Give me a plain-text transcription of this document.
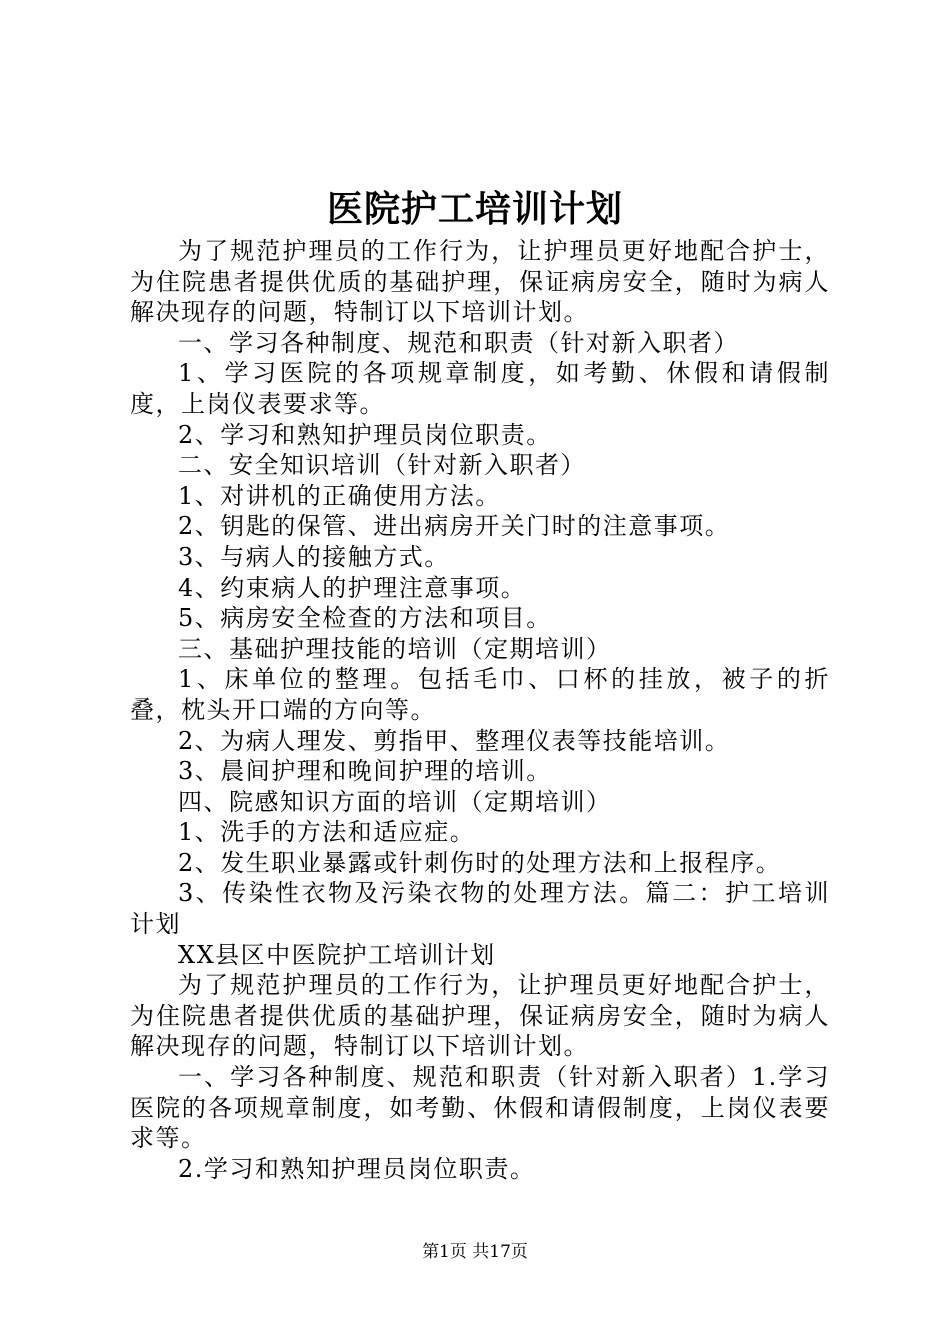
医院护工培训计划

为了规范护理员的工作行为，让护理员更好地配合护士，为住院患者提供优质的基础护理，保证病房安全，随时为病人解决现存的问题，特制订以下培训计划。

一、学习各种制度、规范和职责（针对新入职者）

1、学习医院的各项规章制度，如考勤、休假和请假制度，上岗仪表要求等。

2、学习和熟知护理员岗位职责。

二、安全知识培训（针对新入职者）

1、对讲机的正确使用方法。

2、钥匙的保管、进出病房开关门时的注意事项。

3、与病人的接触方式。

4、约束病人的护理注意事项。

5、病房安全检查的方法和项目。

三、基础护理技能的培训（定期培训）

1、床单位的整理。包括毛巾、口杯的挂放，被子的折叠，枕头开口端的方向等。

2、为病人理发、剪指甲、整理仪表等技能培训。

3、晨间护理和晚间护理的培训。

四、院感知识方面的培训（定期培训）

1、洗手的方法和适应症。

2、发生职业暴露或针刺伤时的处理方法和上报程序。

3、传染性衣物及污染衣物的处理方法。篇二：护工培训计划

XX县区中医院护工培训计划

为了规范护理员的工作行为，让护理员更好地配合护士，为住院患者提供优质的基础护理，保证病房安全，随时为病人解决现存的问题，特制订以下培训计划。

一、学习各种制度、规范和职责（针对新入职者）1.学习医院的各项规章制度，如考勤、休假和请假制度，上岗仪表要求等。

2.学习和熟知护理员岗位职责。

第1页 共17页
